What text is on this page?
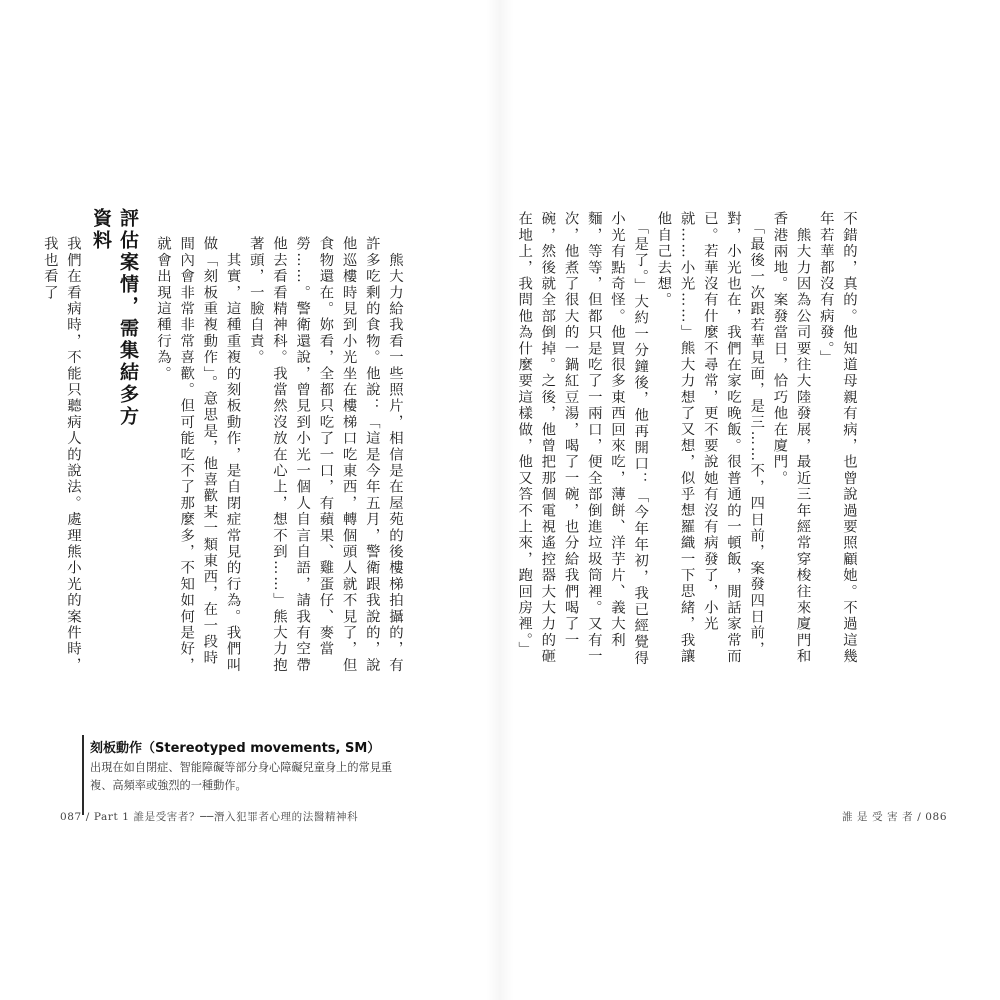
不錯的，真的。他知道母親有病，也曾說過要照顧她。不過這幾年若華都沒有病發。」
　熊大力因為公司要往大陸發展，最近三年經常穿梭往來廈門和香港兩地。案發當日，恰巧他在廈門。
　「最後一次跟若華見面，是三……不，四日前，案發四日前，對，小光也在，我們在家吃晚飯。很普通的一頓飯，閒話家常而已。若華沒有什麼不尋常，更不要說她有沒有病發了，小光就……小光……」熊大力想了又想，似乎想羅織一下思緒，我讓他自己去想。
　「是了。」大約一分鐘後，他再開口：「今年年初，我已經覺得小光有點奇怪。他買很多東西回來吃，薄餅、洋芋片、義大利麵，等等，但都只是吃了一兩口，便全部倒進垃圾筒裡。又有一次，他煮了很大的一鍋紅豆湯，喝了一碗，也分給我們喝了一碗，然後就全部倒掉。之後，他曾把那個電視遙控器大大力的砸在地上，我問他為什麼要這樣做，他又答不上來，跑回房裡。」
誰 是 受 害 者 / 086
　熊大力給我看一些照片，相信是在屋苑的後樓梯拍攝的，有許多吃剩的食物。他說：「這是今年五月，警衛跟我說的，說他巡樓時見到小光坐在樓梯口吃東西，轉個頭人就不見了，但食物還在。妳看，全都只吃了一口，有蘋果、雞蛋仔、麥當勞……。警衛還說，曾見到小光一個人自言自語，請我有空帶他去看看精神科。我當然沒放在心上，想不到……」熊大力抱著頭，一臉自責。
　其實，這種重複的刻板動作，是自閉症常見的行為。我們叫做「刻板重複動作」。意思是，他喜歡某一類東西，在一段時間內會非常非常喜歡。但可能吃不了那麼多，不知如何是好，就會出現這種行為。
評估案情，需集結多方資料
我們在看病時，不能只聽病人的說法。處理熊小光的案件時，我也看了
刻板動作（Stereotyped movements, SM）
出現在如自閉症、智能障礙等部分身心障礙兒童身上的常見重複、高頻率或強烈的一種動作。
087 / Part 1 誰是受害者？──潛入犯罪者心理的法醫精神科
